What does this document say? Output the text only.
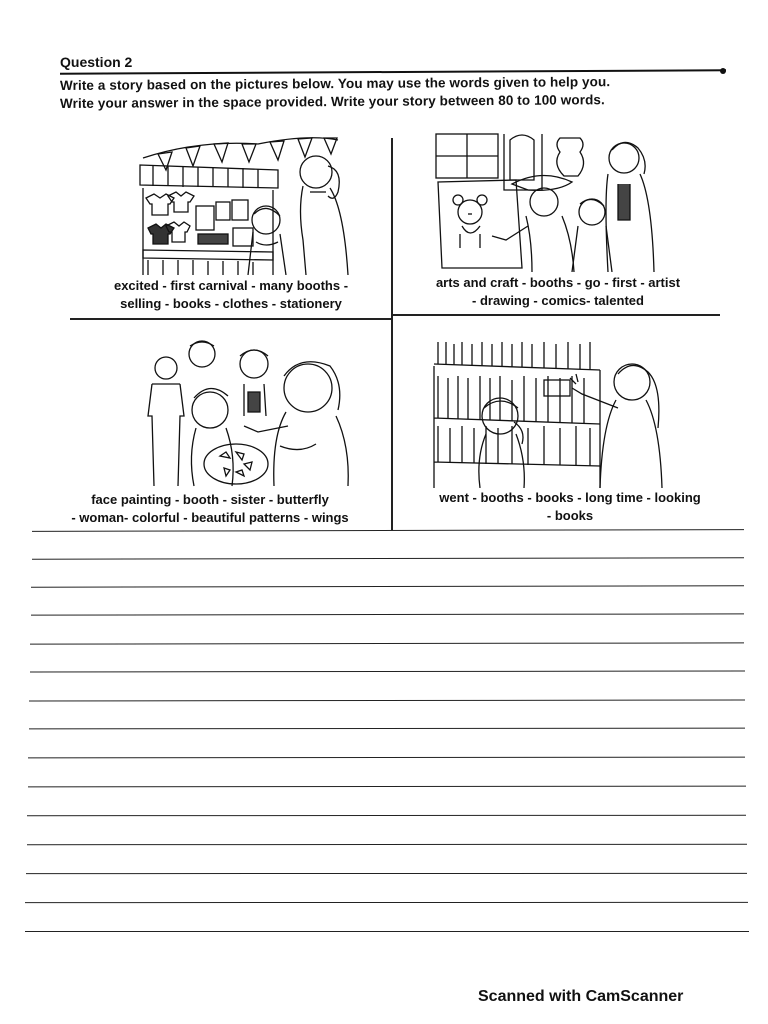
Question 2
Write a story based on the pictures below. You may use the words given to help you.
Write your answer in the space provided. Write your story between 80 to 100 words.
excited - first carnival - many booths -
selling - books - clothes - stationery
arts and craft - booths - go - first - artist
- drawing - comics- talented
face painting - booth - sister - butterfly
- woman- colorful - beautiful patterns - wings
went - booths - books - long time - looking
- books
Scanned with CamScanner
